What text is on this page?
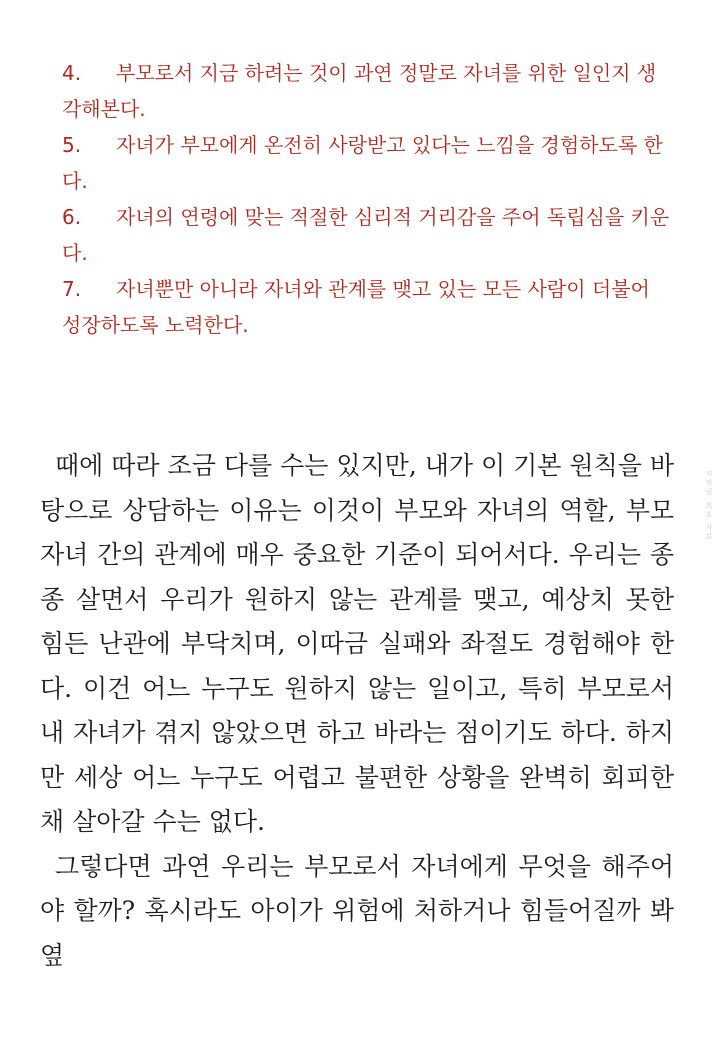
4. 부모로서 지금 하려는 것이 과연 정말로 자녀를 위한 일인지 생각해본다.

5. 자녀가 부모에게 온전히 사랑받고 있다는 느낌을 경험하도록 한다.

6. 자녀의 연령에 맞는 적절한 심리적 거리감을 주어 독립심을 키운다.

7. 자녀뿐만 아니라 자녀와 관계를 맺고 있는 모든 사람이 더불어 성장하도록 노력한다.

때에 따라 조금 다를 수는 있지만, 내가 이 기본 원칙을 바탕으로 상담하는 이유는 이것이 부모와 자녀의 역할, 부모 자녀 간의 관계에 매우 중요한 기준이 되어서다. 우리는 종종 살면서 우리가 원하지 않는 관계를 맺고, 예상치 못한 힘든 난관에 부닥치며, 이따금 실패와 좌절도 경험해야 한다. 이건 어느 누구도 원하지 않는 일이고, 특히 부모로서 내 자녀가 겪지 않았으면 하고 바라는 점이기도 하다. 하지만 세상 어느 누구도 어렵고 불편한 상황을 완벽히 회피한 채 살아갈 수는 없다.

그렇다면 과연 우리는 부모로서 자녀에게 무엇을 해주어야 할까? 혹시라도 아이가 위험에 처하거나 힘들어질까 봐 옆

저작권 보호 자료
